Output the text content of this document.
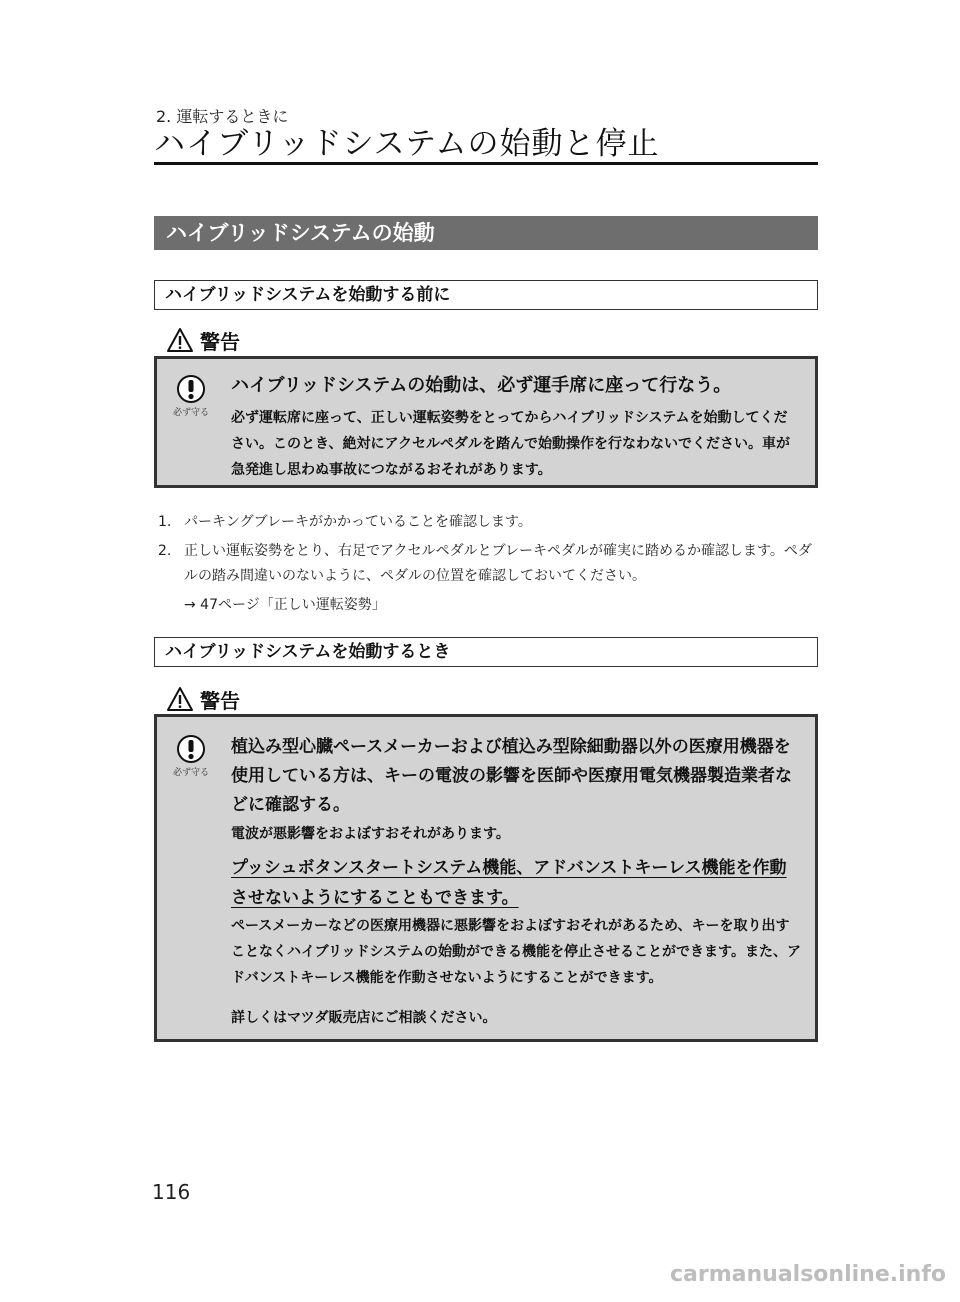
2. 運転するときに
ハイブリッドシステムの始動と停止
ハイブリッドシステムの始動
ハイブリッドシステムを始動する前に
警告
必ず守る
ハイブリッドシステムの始動は、必ず運手席に座って行なう。
必ず運転席に座って、正しい運転姿勢をとってからハイブリッドシステムを始動してください。このとき、絶対にアクセルペダルを踏んで始動操作を行なわないでください。車が急発進し思わぬ事故につながるおそれがあります。
1. パーキングブレーキがかかっていることを確認します。
2. 正しい運転姿勢をとり、右足でアクセルペダルとブレーキペダルが確実に踏めるか確認します。ペダルの踏み間違いのないように、ペダルの位置を確認しておいてください。
→ 47ページ「正しい運転姿勢」
ハイブリッドシステムを始動するとき
警告
必ず守る
植込み型心臓ペースメーカーおよび植込み型除細動器以外の医療用機器を使用している方は、キーの電波の影響を医師や医療用電気機器製造業者などに確認する。
電波が悪影響をおよぼすおそれがあります。
プッシュボタンスタートシステム機能、アドバンストキーレス機能を作動させないようにすることもできます。
ペースメーカーなどの医療用機器に悪影響をおよぼすおそれがあるため、キーを取り出すことなくハイブリッドシステムの始動ができる機能を停止させることができます。また、アドバンストキーレス機能を作動させないようにすることができます。
詳しくはマツダ販売店にご相談ください。
116
carmanualsonline.info
